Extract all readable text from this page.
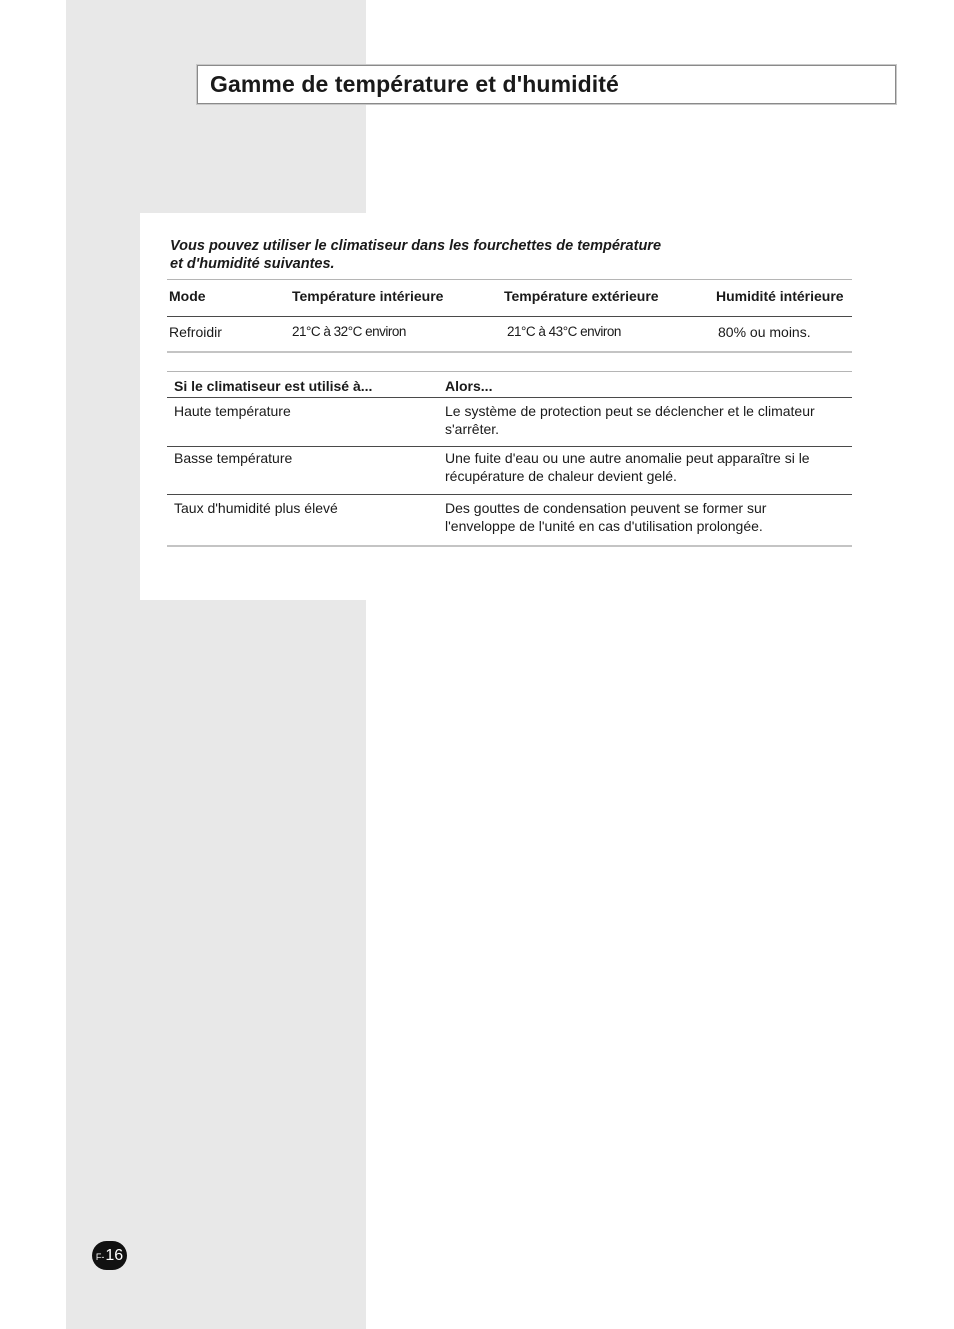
Gamme de température et d'humidité
Vous pouvez utiliser le climatiseur dans les fourchettes de température
et d'humidité suivantes.
Mode	Température intérieure	Température extérieure	Humidité intérieure
Refroidir	21°C à 32°C environ	21°C à 43°C environ	80% ou moins.
Si le climatiseur est utilisé à...	Alors...
Haute température	Le système de protection peut se déclencher et le climateur
s'arrêter.
Basse température	Une fuite d'eau ou une autre anomalie peut apparaître si le
récupérature de chaleur devient gelé.
Taux d'humidité plus élevé	Des gouttes de condensation peuvent se former sur
l'enveloppe de l'unité en cas d'utilisation prolongée.
F- 16
